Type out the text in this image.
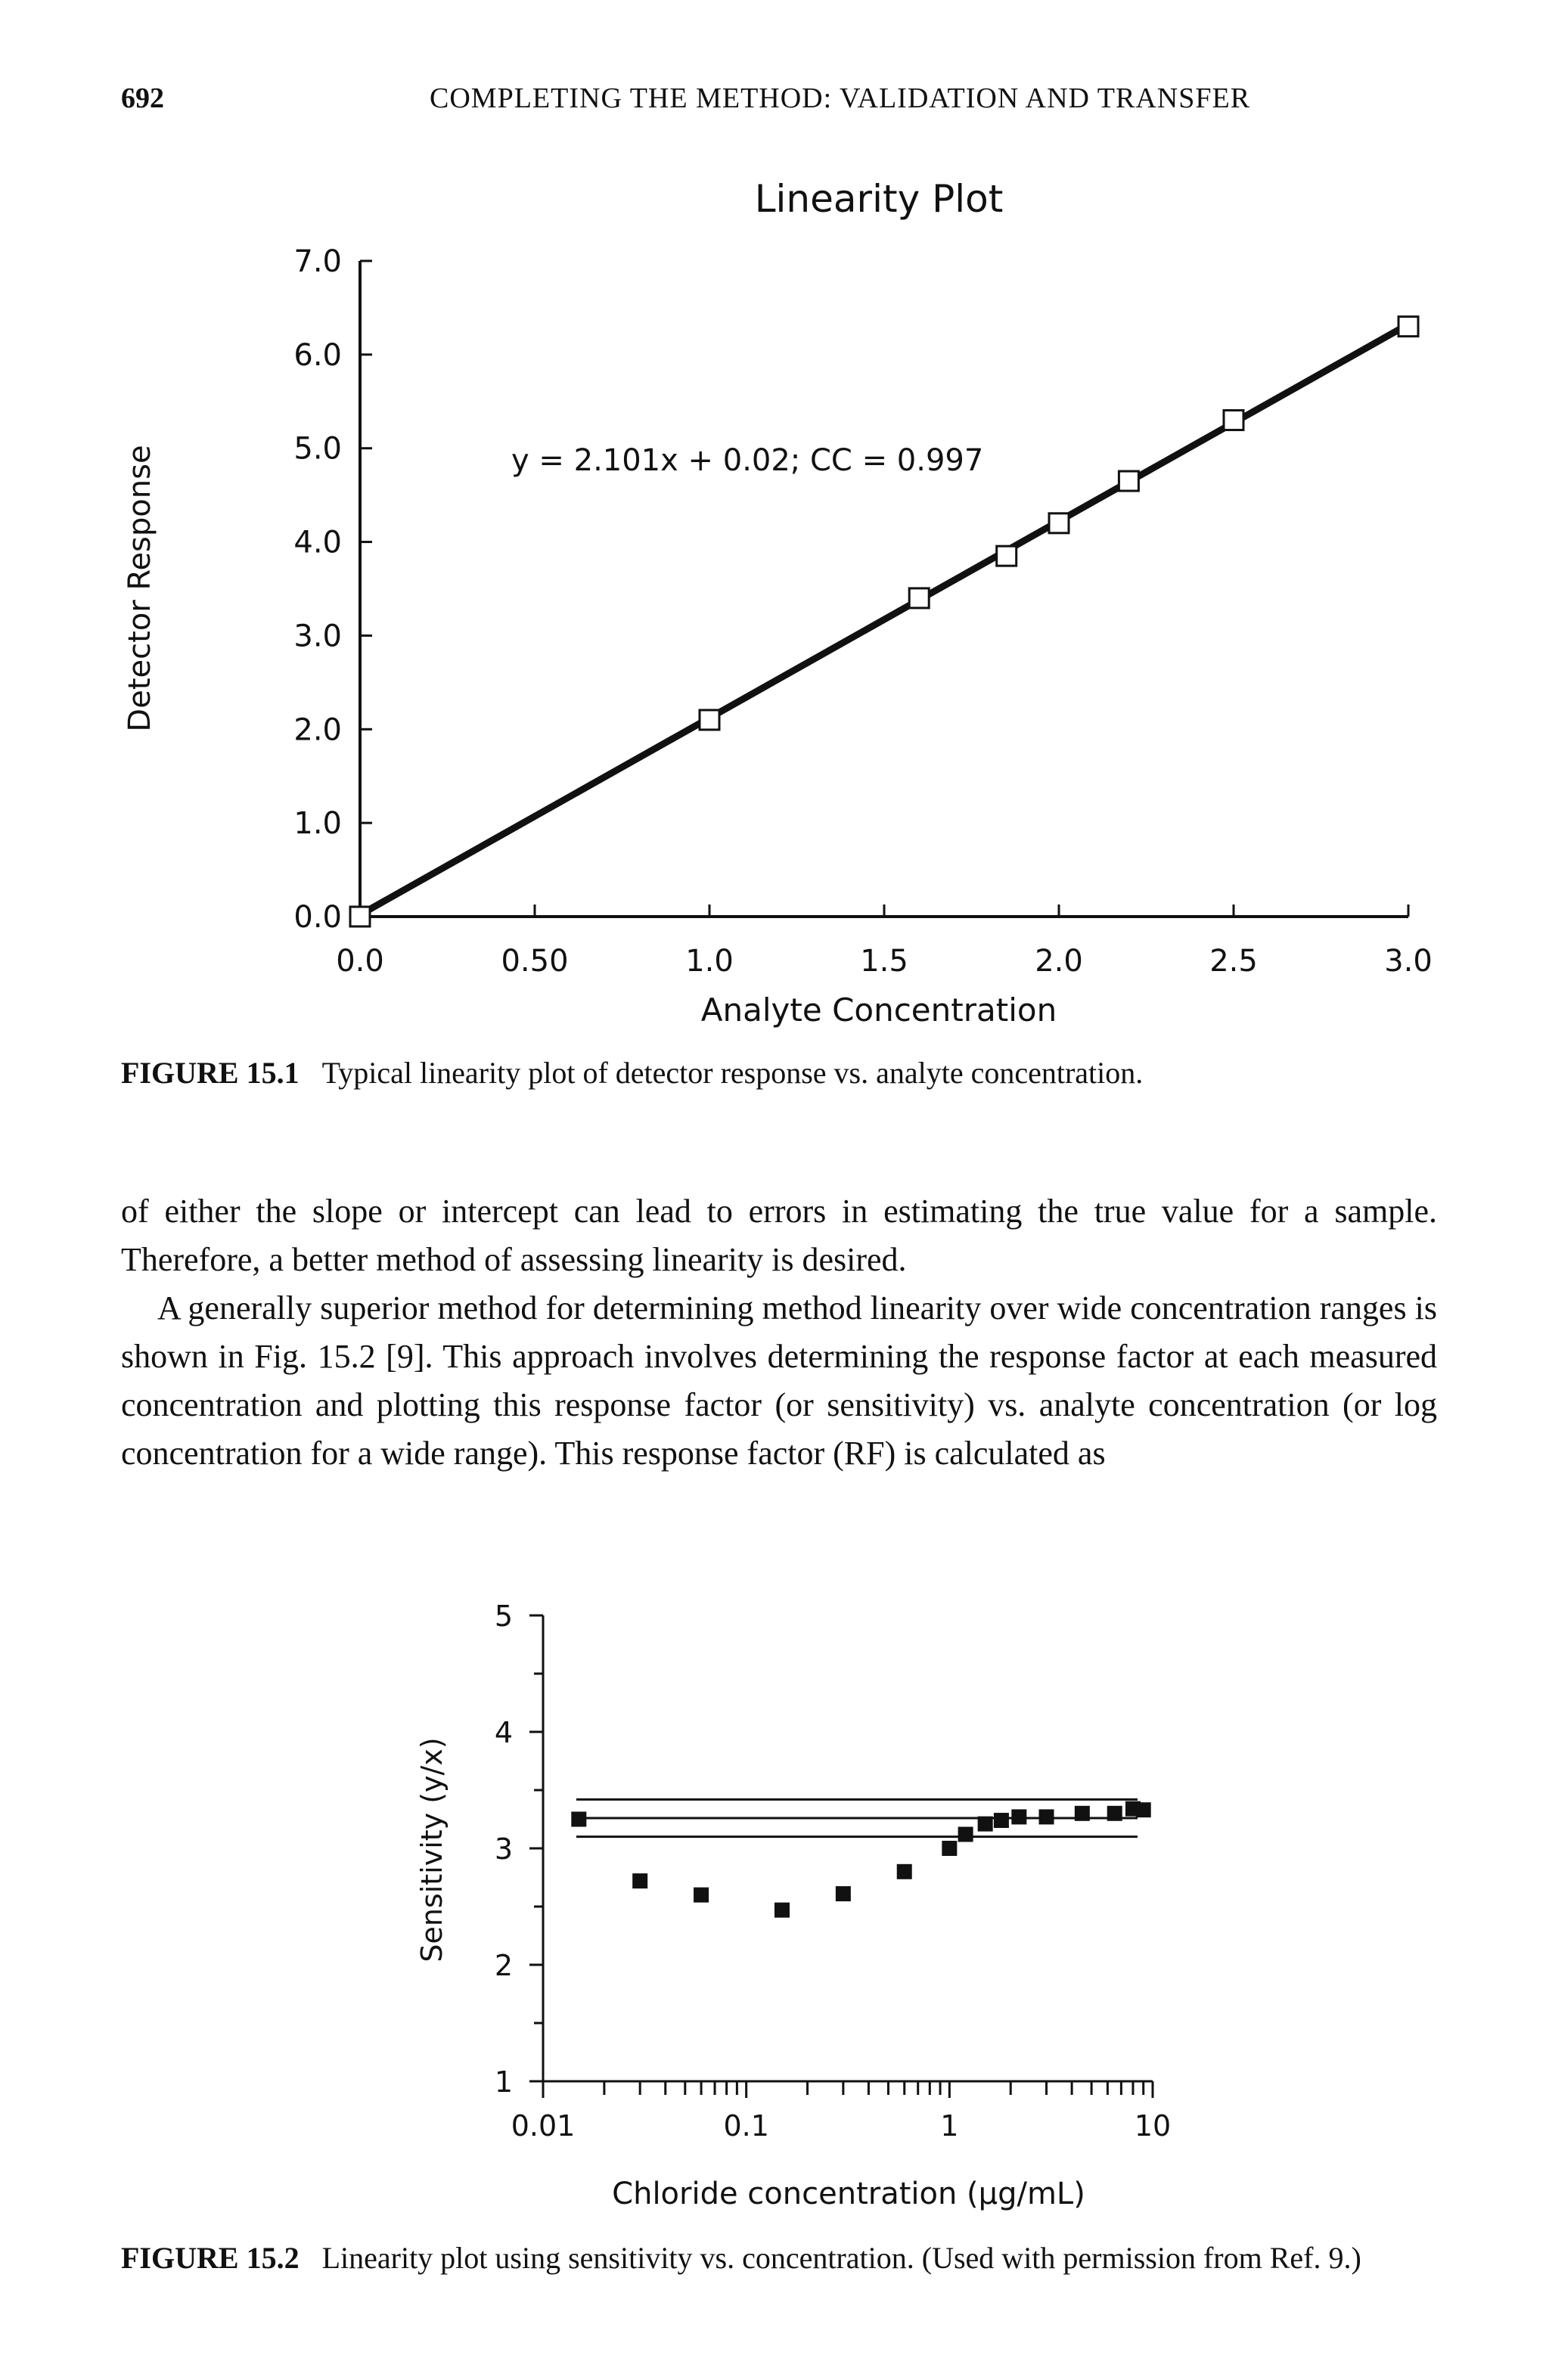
692	COMPLETING THE METHOD: VALIDATION AND TRANSFER
Linearity Plot
0.0
1.0
2.0
3.0
4.0
5.0
6.0
7.0
0.0	0.50	1.0	1.5	2.0	2.5	3.0
Detector Response
Analyte Concentration
y = 2.101x + 0.02; CC = 0.997
FIGURE 15.1 Typical linearity plot of detector response vs. analyte concentration.

of either the slope or intercept can lead to errors in estimating the true value for a sample. Therefore, a better method of assessing linearity is desired.

A generally superior method for determining method linearity over wide concentration ranges is shown in Fig. 15.2 [9]. This approach involves determining the response factor at each measured concentration and plotting this response factor (or sensitivity) vs. analyte concentration (or log concentration for a wide range). This response factor (RF) is calculated as

1
2
3
4
5
0.01	0.1	1	10
Sensitivity (y/x)
Chloride concentration (µg/mL)
FIGURE 15.2 Linearity plot using sensitivity vs. concentration. (Used with permission from Ref. 9.)
